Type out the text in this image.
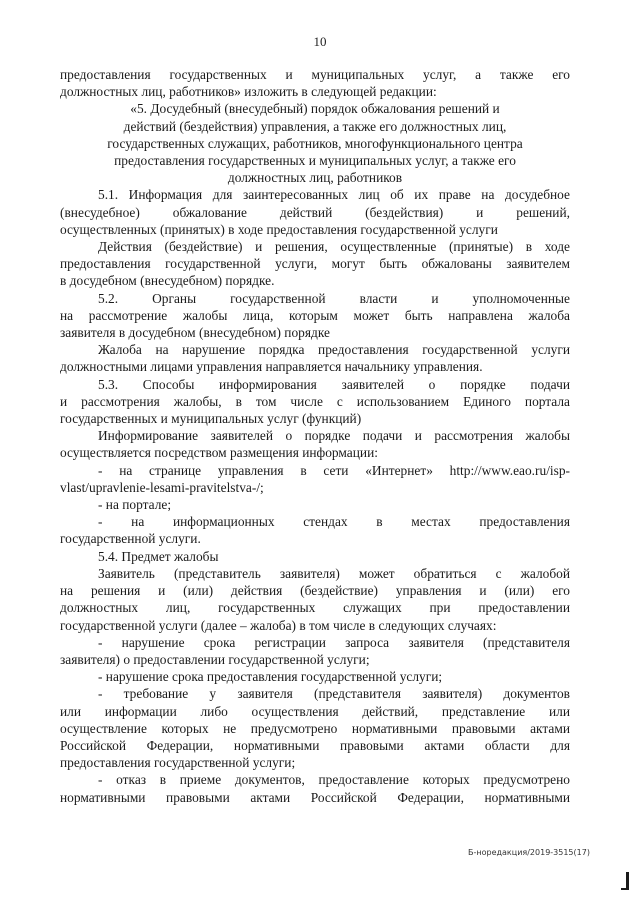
10
предоставления государственных и муниципальных услуг, а также его
должностных лиц, работников» изложить в следующей редакции:
«5. Досудебный (внесудебный) порядок обжалования решений и
действий (бездействия) управления, а также его должностных лиц,
государственных служащих, работников, многофункционального центра
предоставления государственных и муниципальных услуг, а также его
должностных лиц, работников
5.1. Информация для заинтересованных лиц об их праве на досудебное
(внесудебное) обжалование действий (бездействия) и решений,
осуществленных (принятых) в ходе предоставления государственной услуги
Действия (бездействие) и решения, осуществленные (принятые) в ходе
предоставления государственной услуги, могут быть обжалованы заявителем
в досудебном (внесудебном) порядке.
5.2. Органы государственной власти и уполномоченные
на рассмотрение жалобы лица, которым может быть направлена жалоба
заявителя в досудебном (внесудебном) порядке
Жалоба на нарушение порядка предоставления государственной услуги
должностными лицами управления направляется начальнику управления.
5.3. Способы информирования заявителей о порядке подачи
и рассмотрения жалобы, в том числе с использованием Единого портала
государственных и муниципальных услуг (функций)
Информирование заявителей о порядке подачи и рассмотрения жалобы
осуществляется посредством размещения информации:
- на странице управления в сети «Интернет» http://www.eao.ru/isp-
vlast/upravlenie-lesami-pravitelstva-/;
- на портале;
- на информационных стендах в местах предоставления
государственной услуги.
5.4. Предмет жалобы
Заявитель (представитель заявителя) может обратиться с жалобой
на решения и (или) действия (бездействие) управления и (или) его
должностных лиц, государственных служащих при предоставлении
государственной услуги (далее – жалоба) в том числе в следующих случаях:
- нарушение срока регистрации запроса заявителя (представителя
заявителя) о предоставлении государственной услуги;
- нарушение срока предоставления государственной услуги;
- требование у заявителя (представителя заявителя) документов
или информации либо осуществления действий, представление или
осуществление которых не предусмотрено нормативными правовыми актами
Российской Федерации, нормативными правовыми актами области для
предоставления государственной услуги;
- отказ в приеме документов, предоставление которых предусмотрено
нормативными правовыми актами Российской Федерации, нормативными
Б-норедакция/2019-3515(17)
